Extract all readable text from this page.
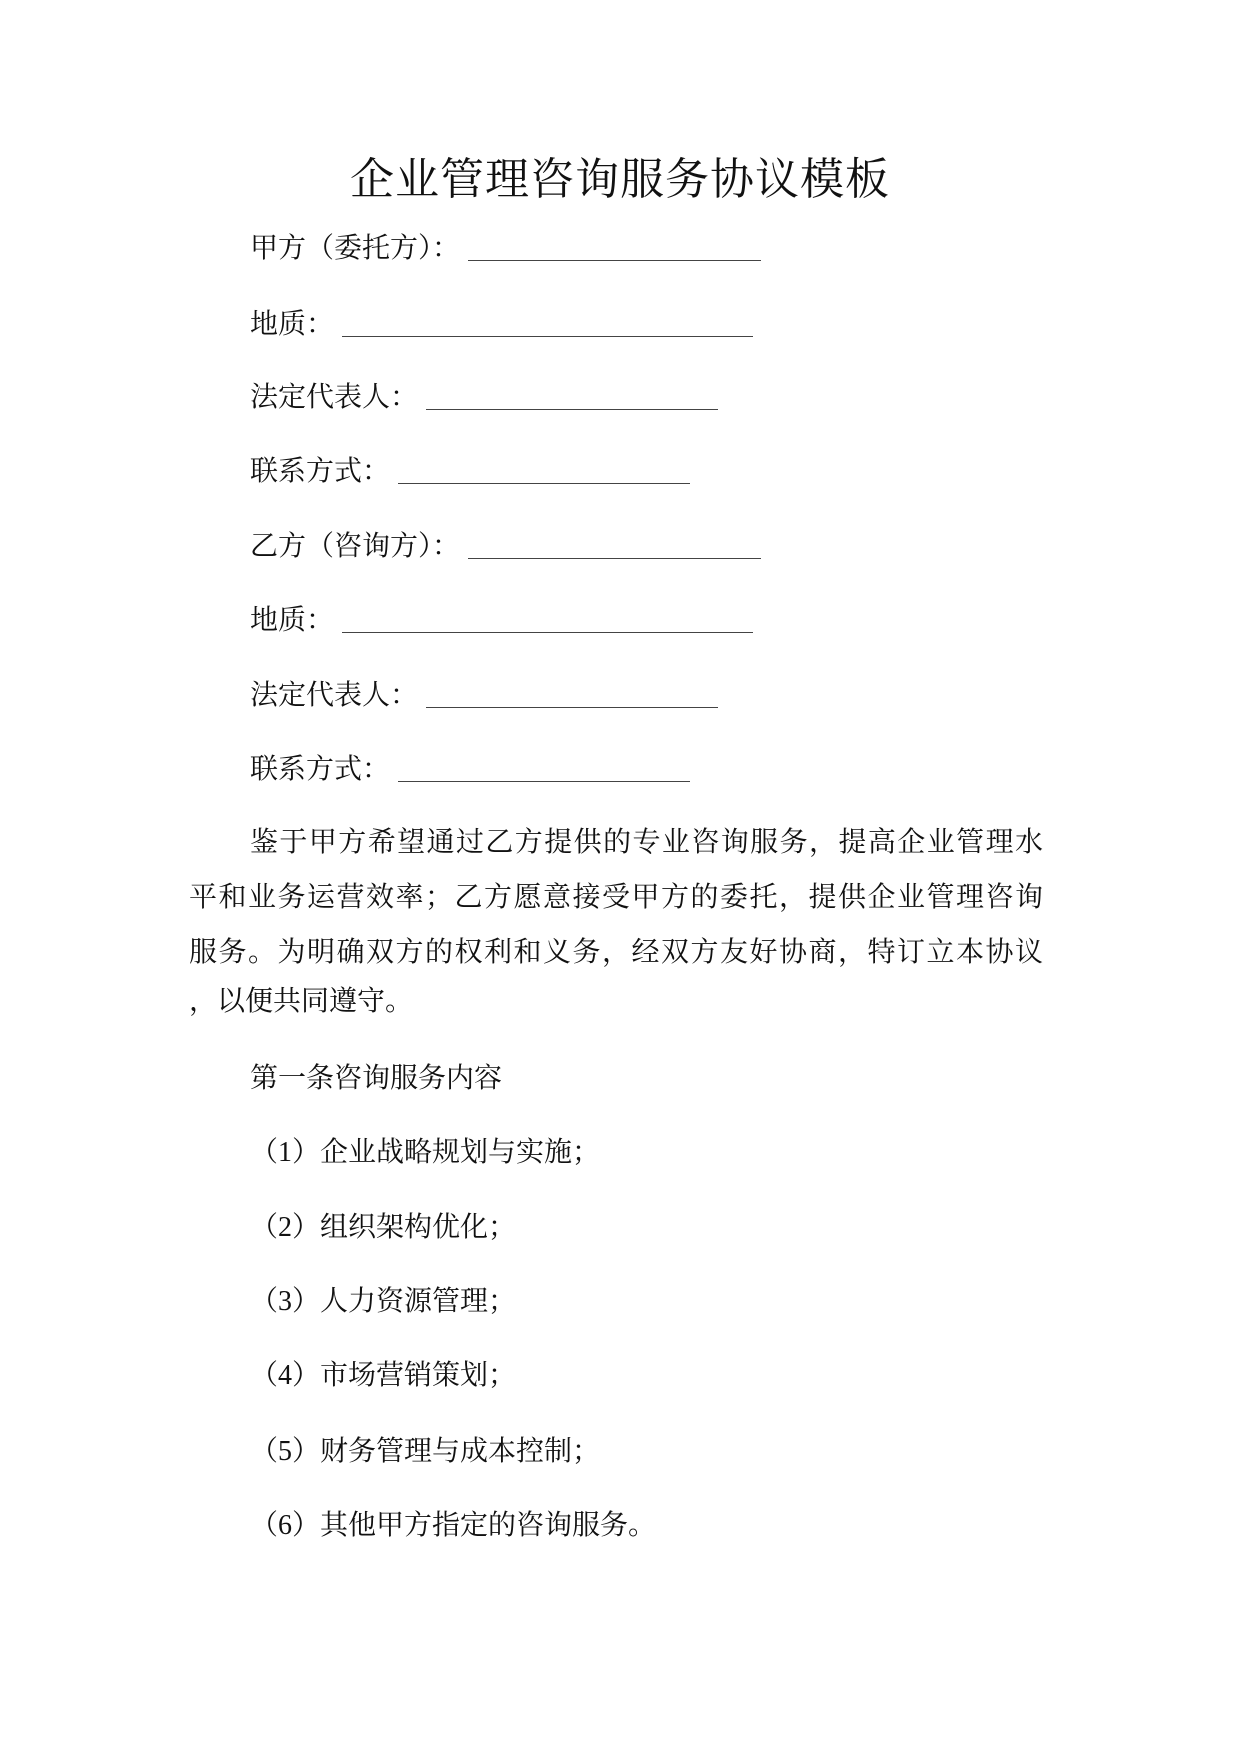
企业管理咨询服务协议模板
甲方（委托方）：
地质：
法定代表人：
联系方式：
乙方（咨询方）：
地质：
法定代表人：
联系方式：
鉴于甲方希望通过乙方提供的专业咨询服务，提高企业管理水
平和业务运营效率；乙方愿意接受甲方的委托，提供企业管理咨询
服务。为明确双方的权利和义务，经双方友好协商，特订立本协议
，以便共同遵守。
第一条咨询服务内容
（1）企业战略规划与实施；
（2）组织架构优化；
（3）人力资源管理；
（4）市场营销策划；
（5）财务管理与成本控制；
（6）其他甲方指定的咨询服务。
